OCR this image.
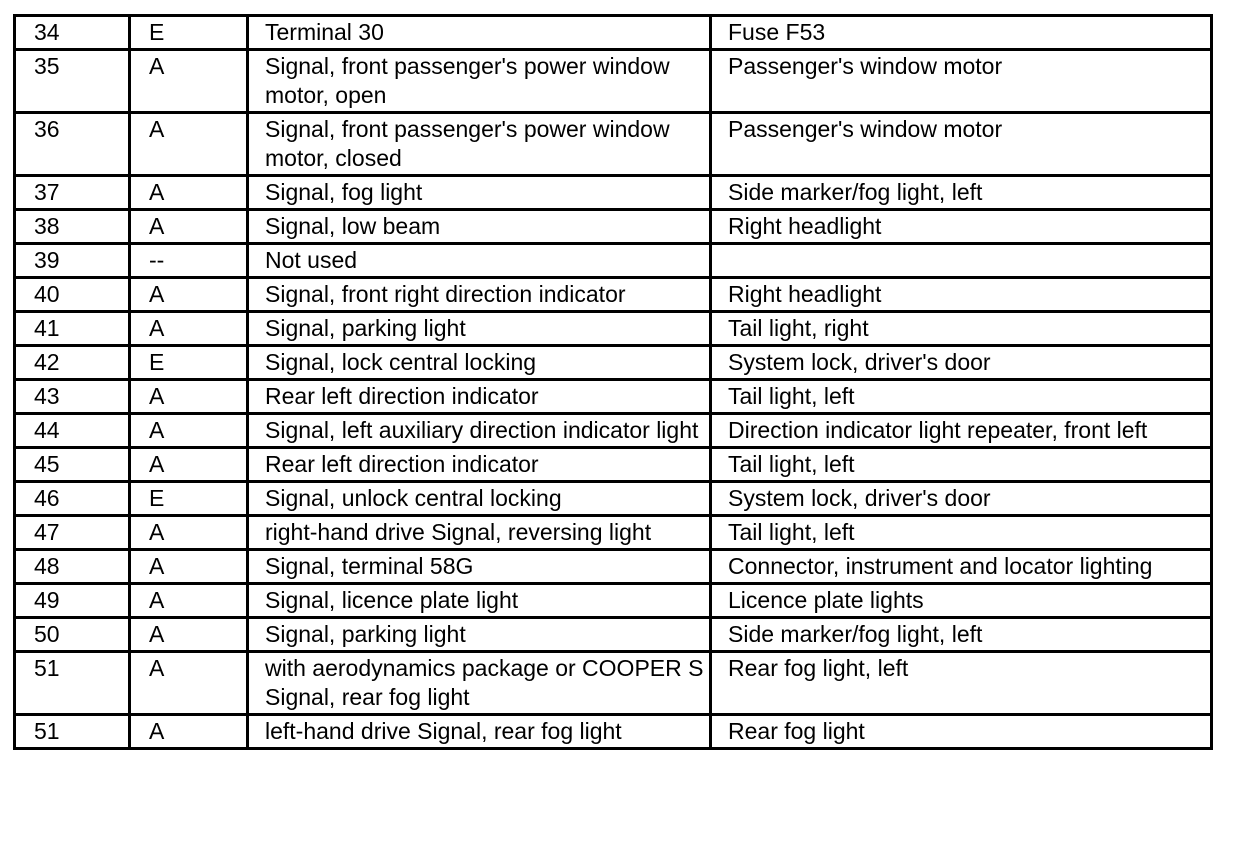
34	E	Terminal 30	Fuse F53
35	A	Signal, front passenger's power window motor, open	Passenger's window motor
36	A	Signal, front passenger's power window motor, closed	Passenger's window motor
37	A	Signal, fog light	Side marker/fog light, left
38	A	Signal, low beam	Right headlight
39	--	Not used	
40	A	Signal, front right direction indicator	Right headlight
41	A	Signal, parking light	Tail light, right
42	E	Signal, lock central locking	System lock, driver's door
43	A	Rear left direction indicator	Tail light, left
44	A	Signal, left auxiliary direction indicator light	Direction indicator light repeater, front left
45	A	Rear left direction indicator	Tail light, left
46	E	Signal, unlock central locking	System lock, driver's door
47	A	right-hand drive Signal, reversing light	Tail light, left
48	A	Signal, terminal 58G	Connector, instrument and locator lighting
49	A	Signal, licence plate light	Licence plate lights
50	A	Signal, parking light	Side marker/fog light, left
51	A	with aerodynamics package or COOPER S Signal, rear fog light	Rear fog light, left
51	A	left-hand drive Signal, rear fog light	Rear fog light
